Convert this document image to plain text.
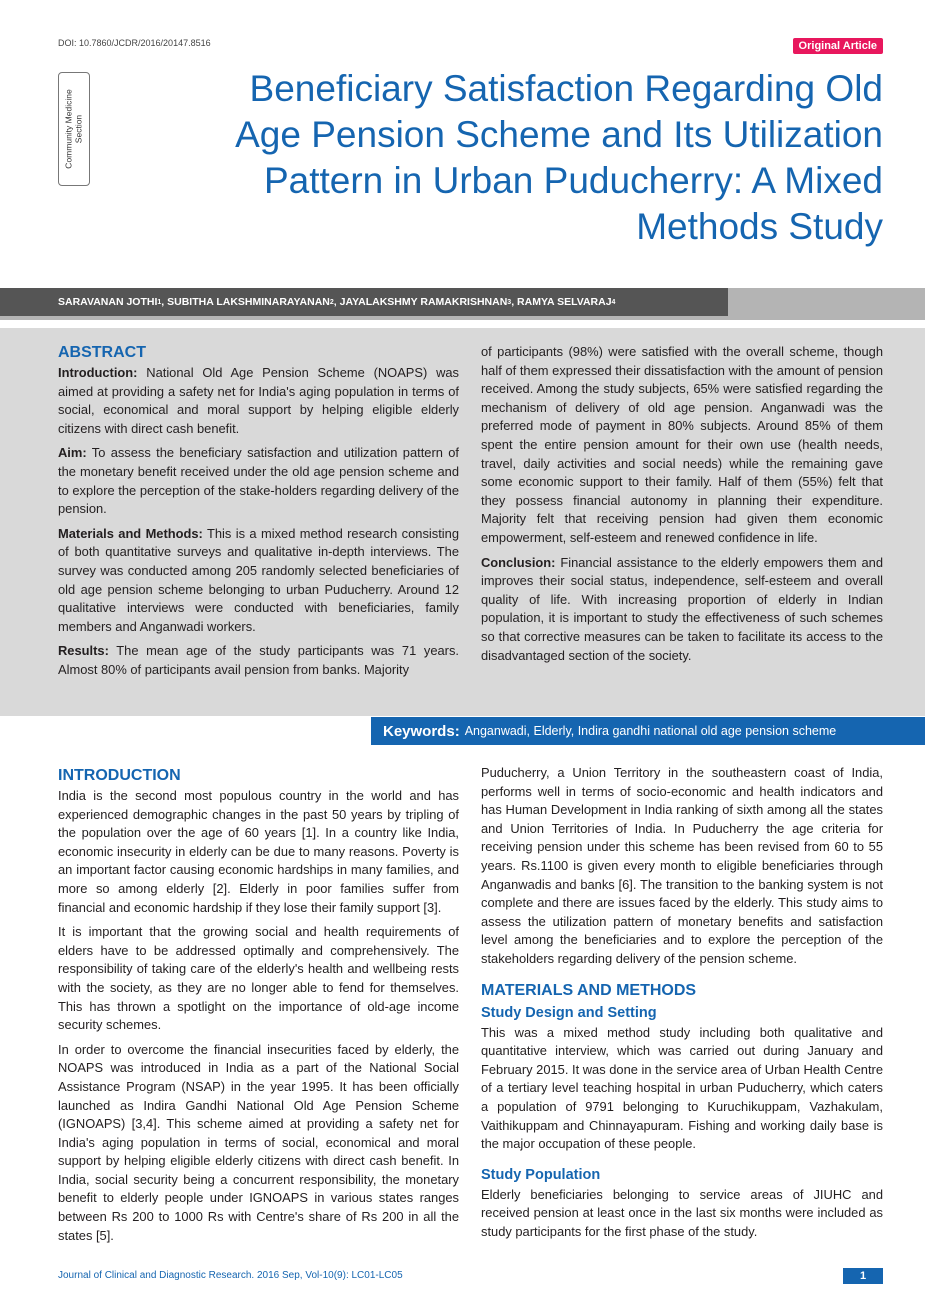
DOI: 10.7860/JCDR/2016/20147.8516	Original Article
Community Medicine Section
Beneficiary Satisfaction Regarding Old Age Pension Scheme and Its Utilization Pattern in Urban Puducherry: A Mixed Methods Study
SARAVANAN JOTHI 1 , SUBITHA LAKSHMINARAYANAN 2 , JAYALAKSHMY RAMAKRISHNAN 3 , RAMYA SELVARAJ 4

ABSTRACT

Introduction: National Old Age Pension Scheme (NOAPS) was aimed at providing a safety net for India's aging population in terms of social, economical and moral support by helping eligible elderly citizens with direct cash benefit.

Aim: To assess the beneficiary satisfaction and utilization pattern of the monetary benefit received under the old age pension scheme and to explore the perception of the stake-holders regarding delivery of the pension.

Materials and Methods: This is a mixed method research consisting of both quantitative surveys and qualitative in-depth interviews. The survey was conducted among 205 randomly selected beneficiaries of old age pension scheme belonging to urban Puducherry. Around 12 qualitative interviews were conducted with beneficiaries, family members and Anganwadi workers.

Results: The mean age of the study participants was 71 years. Almost 80% of participants avail pension from banks. Majority

of participants (98%) were satisfied with the overall scheme, though half of them expressed their dissatisfaction with the amount of pension received. Among the study subjects, 65% were satisfied regarding the mechanism of delivery of old age pension. Anganwadi was the preferred mode of payment in 80% subjects. Around 85% of them spent the entire pension amount for their own use (health needs, travel, daily activities and social needs) while the remaining gave some economic support to their family. Half of them (55%) felt that they possess financial autonomy in planning their expenditure. Majority felt that receiving pension had given them economic empowerment, self-esteem and renewed confidence in life.

Conclusion: Financial assistance to the elderly empowers them and improves their social status, independence, self-esteem and overall quality of life. With increasing proportion of elderly in Indian population, it is important to study the effectiveness of such schemes so that corrective measures can be taken to facilitate its access to the disadvantaged section of the society.

Keywords: Anganwadi, Elderly, Indira gandhi national old age pension scheme

INTRODUCTION

India is the second most populous country in the world and has experienced demographic changes in the past 50 years by tripling of the population over the age of 60 years [1]. In a country like India, economic insecurity in elderly can be due to many reasons. Poverty is an important factor causing economic hardships in many families, and more so among elderly [2]. Elderly in poor families suffer from financial and economic hardship if they lose their family support [3].

It is important that the growing social and health requirements of elders have to be addressed optimally and comprehensively. The responsibility of taking care of the elderly's health and wellbeing rests with the society, as they are no longer able to fend for themselves. This has thrown a spotlight on the importance of old-age income security schemes.

In order to overcome the financial insecurities faced by elderly, the NOAPS was introduced in India as a part of the National Social Assistance Program (NSAP) in the year 1995. It has been officially launched as Indira Gandhi National Old Age Pension Scheme (IGNOAPS) [3,4]. This scheme aimed at providing a safety net for India's aging population in terms of social, economical and moral support by helping eligible elderly citizens with direct cash benefit. In India, social security being a concurrent responsibility, the monetary benefit to elderly people under IGNOAPS in various states ranges between Rs 200 to 1000 Rs with Centre's share of Rs 200 in all the states [5].

Puducherry, a Union Territory in the southeastern coast of India, performs well in terms of socio-economic and health indicators and has Human Development in India ranking of sixth among all the states and Union Territories of India. In Puducherry the age criteria for receiving pension under this scheme has been revised from 60 to 55 years. Rs.1100 is given every month to eligible beneficiaries through Anganwadis and banks [6]. The transition to the banking system is not complete and there are issues faced by the elderly. This study aims to assess the utilization pattern of monetary benefits and satisfaction level among the beneficiaries and to explore the perception of the stakeholders regarding delivery of the pension scheme.

MATERIALS AND METHODS

Study Design and Setting

This was a mixed method study including both qualitative and quantitative interview, which was carried out during January and February 2015. It was done in the service area of Urban Health Centre of a tertiary level teaching hospital in urban Puducherry, which caters a population of 9791 belonging to Kuruchikuppam, Vazhakulam, Vaithikuppam and Chinnayapuram. Fishing and working daily base is the major occupation of these people.

Study Population

Elderly beneficiaries belonging to service areas of JIUHC and received pension at least once in the last six months were included as study participants for the first phase of the study.

Journal of Clinical and Diagnostic Research. 2016 Sep, Vol-10(9): LC01-LC05	1
